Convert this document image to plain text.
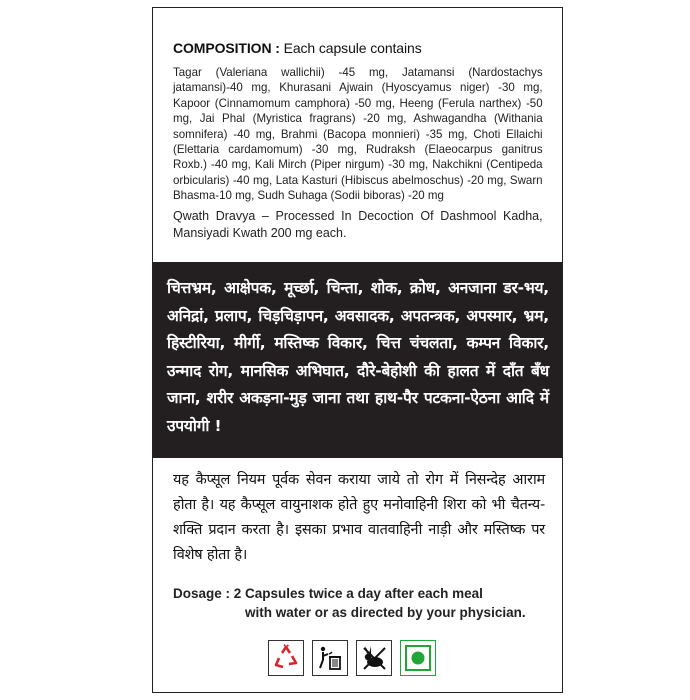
COMPOSITION : Each capsule contains

Tagar (Valeriana wallichii) -45 mg, Jatamansi (Nardostachys jatamansi)-40 mg, Khurasani Ajwain (Hyoscyamus niger) -30 mg, Kapoor (Cinnamomum camphora) -50 mg, Heeng (Ferula narthex) -50 mg, Jai Phal (Myristica fragrans) -20 mg, Ashwagandha (Withania somnifera) -40 mg, Brahmi (Bacopa monnieri) -35 mg, Choti Ellaichi (Elettaria cardamomum) -30 mg, Rudraksh (Elaeocarpus ganitrus Roxb.) -40 mg, Kali Mirch (Piper nirgum) -30 mg, Nakchikni (Centipeda orbicularis) -40 mg, Lata Kasturi (Hibiscus abelmoschus) -20 mg, Swarn Bhasma-10 mg, Sudh Suhaga (Sodii biboras) -20 mg

Qwath Dravya – Processed In Decoction Of Dashmool Kadha, Mansiyadi Kwath 200 mg each.

चित्तभ्रम, आक्षेपक, मूर्च्छा, चिन्ता, शोक, क्रोध, अनजाना डर-भय, अनिद्रां, प्रलाप, चिड़चिड़ापन, अवसादक, अपतन्त्रक, अपस्मार, भ्रम, हिस्टीरिया, मीर्गी, मस्तिष्क विकार, चित्त चंचलता, कम्पन विकार, उन्माद रोग, मानसिक अभिघात, दौरे-बेहोशी की हालत में दाँत बँध जाना, शरीर अकड़ना-मुड़ जाना तथा हाथ-पैर पटकना-ऐठना आदि में उपयोगी !

यह कैप्सूल नियम पूर्वक सेवन कराया जाये तो रोग में निसन्देह आराम होता है। यह कैप्सूल वायुनाशक होते हुए मनोवाहिनी शिरा को भी चैतन्य-शक्ति प्रदान करता है। इसका प्रभाव वातवाहिनी नाड़ी और मस्तिष्क पर विशेष होता है।

Dosage : 2 Capsules twice a day after each meal
with water or as directed by your physician.
